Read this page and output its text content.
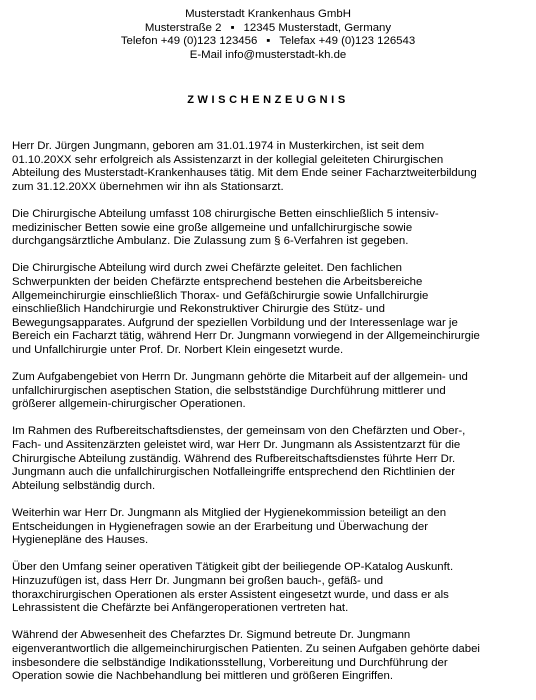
Musterstadt Krankenhaus GmbH
Musterstraße 2 ▪ 12345 Musterstadt, Germany
Telefon +49 (0)123 123456 ▪ Telefax +49 (0)123 126543
E-Mail info@musterstadt-kh.de
ZWISCHENZEUGNIS

Herr Dr. Jürgen Jungmann, geboren am 31.01.1974 in Musterkirchen, ist seit dem
01.10.20XX sehr erfolgreich als Assistenzarzt in der kollegial geleiteten Chirurgischen
Abteilung des Musterstadt-Krankenhauses tätig. Mit dem Ende seiner Facharztweiterbildung
zum 31.12.20XX übernehmen wir ihn als Stationsarzt.

Die Chirurgische Abteilung umfasst 108 chirurgische Betten einschließlich 5 intensiv-
medizinischer Betten sowie eine große allgemeine und unfallchirurgische sowie
durchgangsärztliche Ambulanz. Die Zulassung zum § 6-Verfahren ist gegeben.

Die Chirurgische Abteilung wird durch zwei Chefärzte geleitet. Den fachlichen
Schwerpunkten der beiden Chefärzte entsprechend bestehen die Arbeitsbereiche
Allgemeinchirurgie einschließlich Thorax- und Gefäßchirurgie sowie Unfallchirurgie
einschließlich Handchirurgie und Rekonstruktiver Chirurgie des Stütz- und
Bewegungsapparates. Aufgrund der speziellen Vorbildung und der Interessenlage war je
Bereich ein Facharzt tätig, während Herr Dr. Jungmann vorwiegend in der Allgemeinchirurgie
und Unfallchirurgie unter Prof. Dr. Norbert Klein eingesetzt wurde.

Zum Aufgabengebiet von Herrn Dr. Jungmann gehörte die Mitarbeit auf der allgemein- und
unfallchirurgischen aseptischen Station, die selbstständige Durchführung mittlerer und
größerer allgemein-chirurgischer Operationen.

Im Rahmen des Rufbereitschaftsdienstes, der gemeinsam von den Chefärzten und Ober-,
Fach- und Assitenzärzten geleistet wird, war Herr Dr. Jungmann als Assistentzarzt für die
Chirurgische Abteilung zuständig. Während des Rufbereitschaftsdienstes führte Herr Dr.
Jungmann auch die unfallchirurgischen Notfalleingriffe entsprechend den Richtlinien der
Abteilung selbständig durch.

Weiterhin war Herr Dr. Jungmann als Mitglied der Hygienekommission beteiligt an den
Entscheidungen in Hygienefragen sowie an der Erarbeitung und Überwachung der
Hygienepläne des Hauses.

Über den Umfang seiner operativen Tätigkeit gibt der beiliegende OP-Katalog Auskunft.
Hinzuzufügen ist, dass Herr Dr. Jungmann bei großen bauch-, gefäß- und
thoraxchirurgischen Operationen als erster Assistent eingesetzt wurde, und dass er als
Lehrassistent die Chefärzte bei Anfängeroperationen vertreten hat.

Während der Abwesenheit des Chefarztes Dr. Sigmund betreute Dr. Jungmann
eigenverantwortlich die allgemeinchirurgischen Patienten. Zu seinen Aufgaben gehörte dabei
insbesondere die selbständige Indikationsstellung, Vorbereitung und Durchführung der
Operation sowie die Nachbehandlung bei mittleren und größeren Eingriffen.
